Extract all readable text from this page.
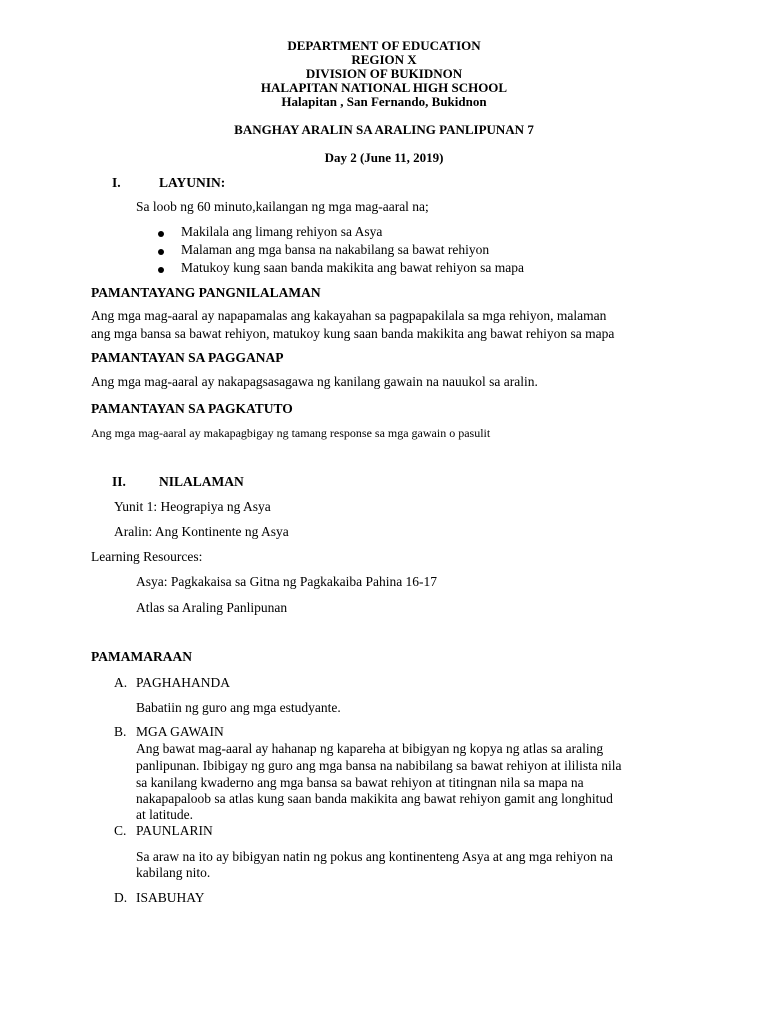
DEPARTMENT OF EDUCATION

REGION X

DIVISION OF BUKIDNON

HALAPITAN NATIONAL HIGH SCHOOL

Halapitan , San Fernando, Bukidnon

BANGHAY ARALIN SA ARALING PANLIPUNAN 7

Day 2 (June 11, 2019)

I.	LAYUNIN:

Sa loob ng 60 minuto,kailangan ng mga mag-aaral na;

Makilala ang limang rehiyon sa Asya

Malaman ang mga bansa na nakabilang sa bawat rehiyon

Matukoy kung saan banda makikita ang bawat rehiyon sa mapa

PAMANTAYANG PANGNILALAMAN

Ang mga mag-aaral ay napapamalas ang kakayahan sa pagpapakilala sa mga rehiyon, malaman

ang mga bansa sa bawat rehiyon, matukoy kung saan banda makikita ang bawat rehiyon sa mapa

PAMANTAYAN SA PAGGANAP

Ang mga mag-aaral ay nakapagsasagawa ng kanilang gawain na nauukol sa aralin.

PAMANTAYAN SA PAGKATUTO

Ang mga mag-aaral ay makapagbigay ng tamang response sa mga gawain o pasulit

II. NILALAMAN

Yunit 1: Heograpiya ng Asya

Aralin: Ang Kontinente ng Asya

Learning Resources:

Asya: Pagkakaisa sa Gitna ng Pagkakaiba Pahina 16-17

Atlas sa Araling Panlipunan

PAMAMARAAN

A. PAGHAHANDA

Babatiin ng guro ang mga estudyante.

B. MGA GAWAIN

Ang bawat mag-aaral ay hahanap ng kapareha at bibigyan ng kopya ng atlas sa araling

panlipunan. Ibibigay ng guro ang mga bansa na nabibilang sa bawat rehiyon at ililista nila

sa kanilang kwaderno ang mga bansa sa bawat rehiyon at titingnan nila sa mapa na

nakapapaloob sa atlas kung saan banda makikita ang bawat rehiyon gamit ang longhitud

at latitude.

C. PAUNLARIN

Sa araw na ito ay bibigyan natin ng pokus ang kontinenteng Asya at ang mga rehiyon na

kabilang nito.

D. ISABUHAY
